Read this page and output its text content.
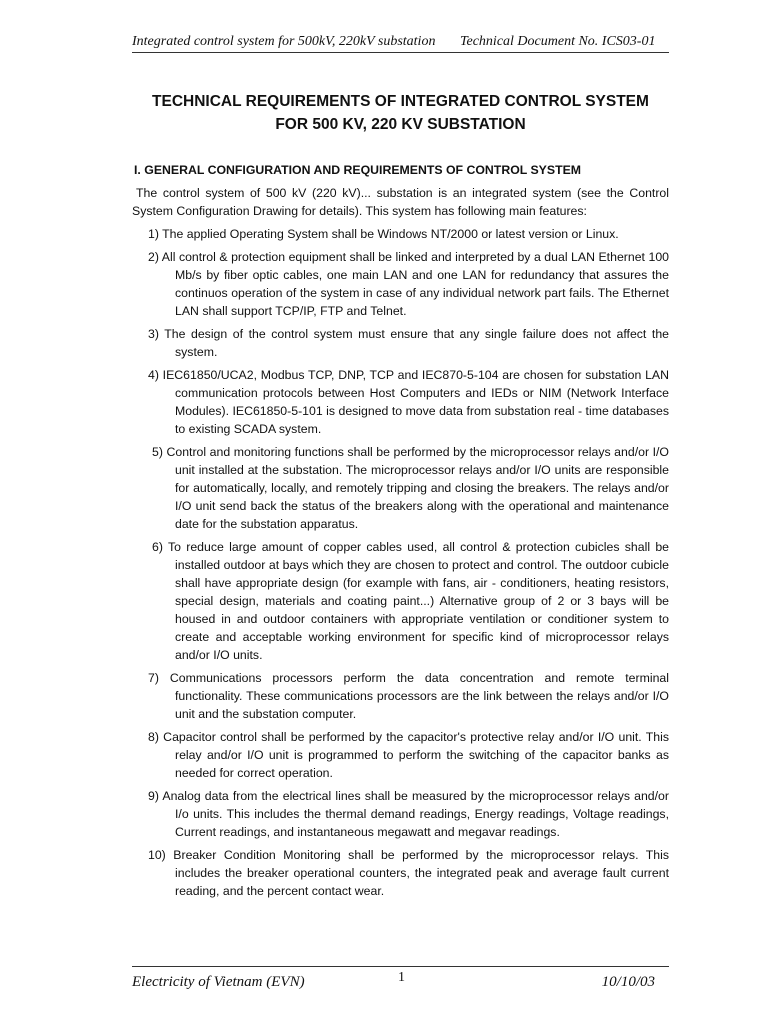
Integrated control system for 500kV, 220kV substation Technical Document No. ICS03-01
TECHNICAL REQUIREMENTS OF INTEGRATED CONTROL SYSTEM
FOR 500 KV, 220 KV SUBSTATION
I. GENERAL CONFIGURATION AND REQUIREMENTS OF CONTROL SYSTEM

The control system of 500 kV (220 kV)... substation is an integrated system (see the Control System Configuration Drawing for details). This system has following main features:

1) The applied Operating System shall be Windows NT/2000 or latest version or Linux.
2) All control & protection equipment shall be linked and interpreted by a dual LAN Ethernet 100 Mb/s by fiber optic cables, one main LAN and one LAN for redundancy that assures the continuos operation of the system in case of any individual network part fails. The Ethernet LAN shall support TCP/IP, FTP and Telnet.
3) The design of the control system must ensure that any single failure does not affect the system.
4) IEC61850/UCA2, Modbus TCP, DNP, TCP and IEC870-5-104 are chosen for substation LAN communication protocols between Host Computers and IEDs or NIM (Network Interface Modules). IEC61850-5-101 is designed to move data from substation real - time databases to existing SCADA system.
5) Control and monitoring functions shall be performed by the microprocessor relays and/or I/O unit installed at the substation. The microprocessor relays and/or I/O units are responsible for automatically, locally, and remotely tripping and closing the breakers. The relays and/or I/O unit send back the status of the breakers along with the operational and maintenance date for the substation apparatus.
6) To reduce large amount of copper cables used, all control & protection cubicles shall be installed outdoor at bays which they are chosen to protect and control. The outdoor cubicle shall have appropriate design (for example with fans, air - conditioners, heating resistors, special design, materials and coating paint...) Alternative group of 2 or 3 bays will be housed in and outdoor containers with appropriate ventilation or conditioner system to create and acceptable working environment for specific kind of microprocessor relays and/or I/O units.
7) Communications processors perform the data concentration and remote terminal functionality. These communications processors are the link between the relays and/or I/O unit and the substation computer.
8) Capacitor control shall be performed by the capacitor's protective relay and/or I/O unit. This relay and/or I/O unit is programmed to perform the switching of the capacitor banks as needed for correct operation.
9) Analog data from the electrical lines shall be measured by the microprocessor relays and/or I/o units. This includes the thermal demand readings, Energy readings, Voltage readings, Current readings, and instantaneous megawatt and megavar readings.
10) Breaker Condition Monitoring shall be performed by the microprocessor relays. This includes the breaker operational counters, the integrated peak and average fault current reading, and the percent contact wear.
Electricity of Vietnam (EVN)	1	10/10/03
